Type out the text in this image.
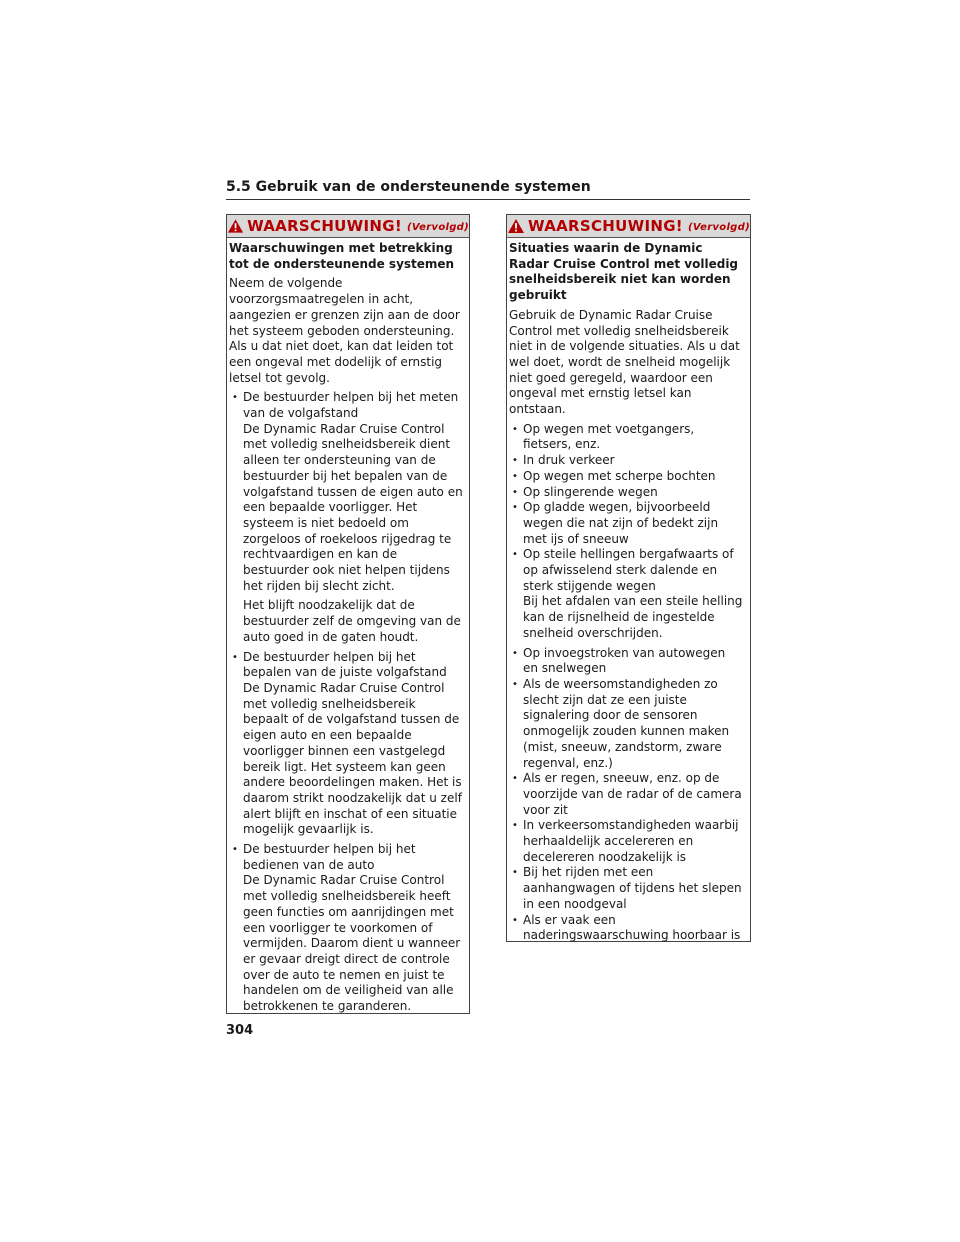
5.5 Gebruik van de ondersteunende systemen
WAARSCHUWING! (Vervolgd)

Waarschuwingen met betrekking tot de ondersteunende systemen

Neem de volgende voorzorgsmaatregelen in acht, aangezien er grenzen zijn aan de door het systeem geboden ondersteuning. Als u dat niet doet, kan dat leiden tot een ongeval met dodelijk of ernstig letsel tot gevolg.

• De bestuurder helpen bij het meten van de volgafstand

De Dynamic Radar Cruise Control met volledig snelheidsbereik dient alleen ter ondersteuning van de bestuurder bij het bepalen van de volgafstand tussen de eigen auto en een bepaalde voorligger. Het systeem is niet bedoeld om zorgeloos of roekeloos rijgedrag te rechtvaardigen en kan de bestuurder ook niet helpen tijdens het rijden bij slecht zicht.

Het blijft noodzakelijk dat de bestuurder zelf de omgeving van de auto goed in de gaten houdt.

• De bestuurder helpen bij het bepalen van de juiste volgafstand

De Dynamic Radar Cruise Control met volledig snelheidsbereik bepaalt of de volgafstand tussen de eigen auto en een bepaalde voorligger binnen een vastgelegd bereik ligt. Het systeem kan geen andere beoordelingen maken. Het is daarom strikt noodzakelijk dat u zelf alert blijft en inschat of een situatie mogelijk gevaarlijk is.

• De bestuurder helpen bij het bedienen van de auto

De Dynamic Radar Cruise Control met volledig snelheidsbereik heeft geen functies om aanrijdingen met een voorligger te voorkomen of vermijden. Daarom dient u wanneer er gevaar dreigt direct de controle over de auto te nemen en juist te handelen om de veiligheid van alle betrokkenen te garanderen.

WAARSCHUWING! (Vervolgd)

Situaties waarin de Dynamic Radar Cruise Control met volledig snelheidsbereik niet kan worden gebruikt

Gebruik de Dynamic Radar Cruise Control met volledig snelheidsbereik niet in de volgende situaties. Als u dat wel doet, wordt de snelheid mogelijk niet goed geregeld, waardoor een ongeval met ernstig letsel kan ontstaan.

• Op wegen met voetgangers, fietsers, enz.
• In druk verkeer
• Op wegen met scherpe bochten
• Op slingerende wegen
• Op gladde wegen, bijvoorbeeld wegen die nat zijn of bedekt zijn met ijs of sneeuw
• Op steile hellingen bergafwaarts of op afwisselend sterk dalende en sterk stijgende wegen

Bij het afdalen van een steile helling kan de rijsnelheid de ingestelde snelheid overschrijden.

• Op invoegstroken van autowegen en snelwegen
• Als de weersomstandigheden zo slecht zijn dat ze een juiste signalering door de sensoren onmogelijk zouden kunnen maken (mist, sneeuw, zandstorm, zware regenval, enz.)
• Als er regen, sneeuw, enz. op de voorzijde van de radar of de camera voor zit
• In verkeersomstandigheden waarbij herhaaldelijk accelereren en decelereren noodzakelijk is
• Bij het rijden met een aanhangwagen of tijdens het slepen in een noodgeval
• Als er vaak een naderingswaarschuwing hoorbaar is
304
